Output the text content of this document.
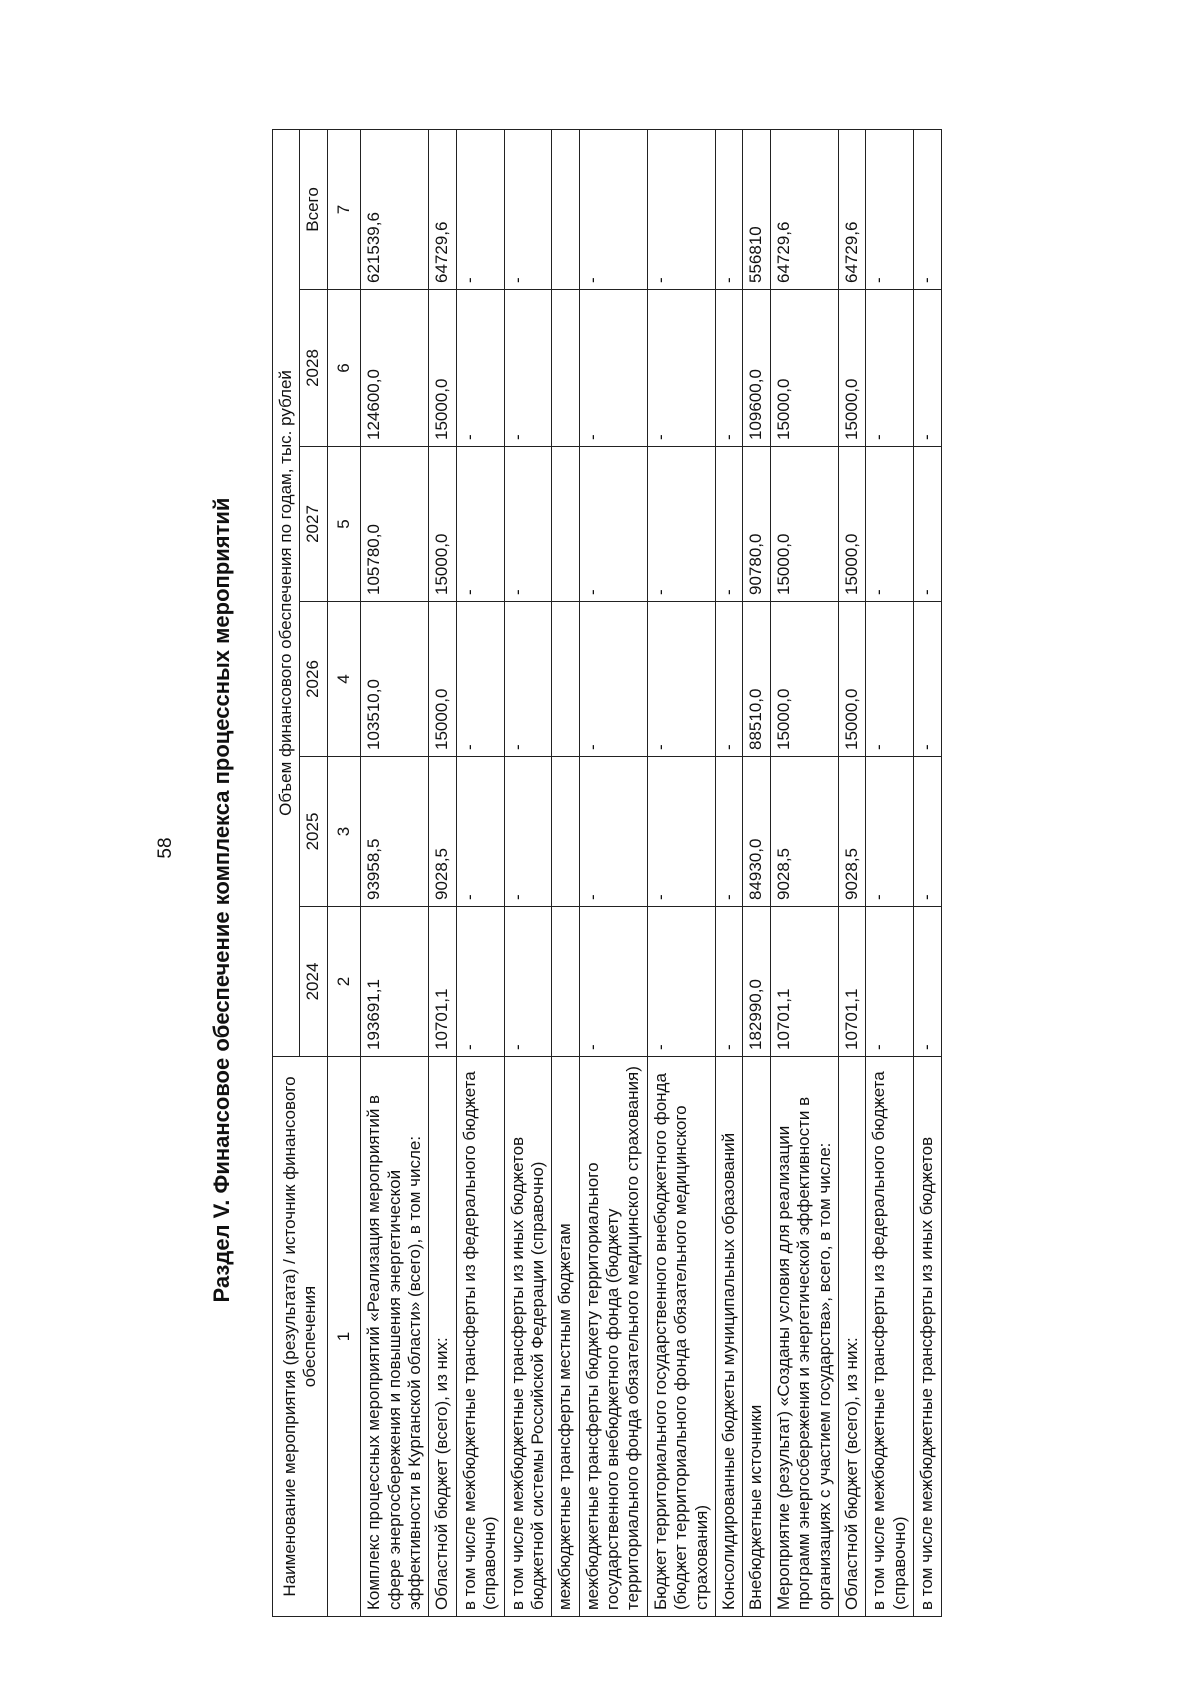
58 Раздел V. Финансовое обеспечение комплекса процессных мероприятий
Наименование мероприятия (результата) / источник финансового обеспечения	Объем финансового обеспечения по годам, тыс. рублей					
	2024	2025	2026	2027	2028	Всего
1	2	3	4	5	6	7
Комплекс процессных мероприятий «Реализация мероприятий в сфере энергосбережения и повышения энергетической эффективности в Курганской области» (всего), в том числе:	193691,1	93958,5	103510,0	105780,0	124600,0	621539,6
Областной бюджет (всего), из них:	10701,1	9028,5	15000,0	15000,0	15000,0	64729,6
в том числе межбюджетные трансферты из федерального бюджета (справочно)	-	-	-	-	-	-
в том числе межбюджетные трансферты из иных бюджетов бюджетной системы Российской Федерации (справочно)	-	-	-	-	-	-
межбюджетные трансферты местным бюджетам						
межбюджетные трансферты бюджету территориального государственного внебюджетного фонда (бюджету территориального фонда обязательного медицинского страхования)	-	-	-	-	-	-
Бюджет территориального государственного внебюджетного фонда (бюджет территориального фонда обязательного медицинского страхования)	-	-	-	-	-	-
Консолидированные бюджеты муниципальных образований	-	-	-	-	-	-
Внебюджетные источники	182990,0	84930,0	88510,0	90780,0	109600,0	556810
Мероприятие (результат) «Созданы условия для реализации программ энергосбережения и энергетической эффективности в организациях с участием государства», всего, в том числе:	10701,1	9028,5	15000,0	15000,0	15000,0	64729,6
Областной бюджет (всего), из них:	10701,1	9028,5	15000,0	15000,0	15000,0	64729,6
в том числе межбюджетные трансферты из федерального бюджета (справочно)	-	-	-	-	-	-
в том числе межбюджетные трансферты из иных бюджетов	-	-	-	-	-	-
